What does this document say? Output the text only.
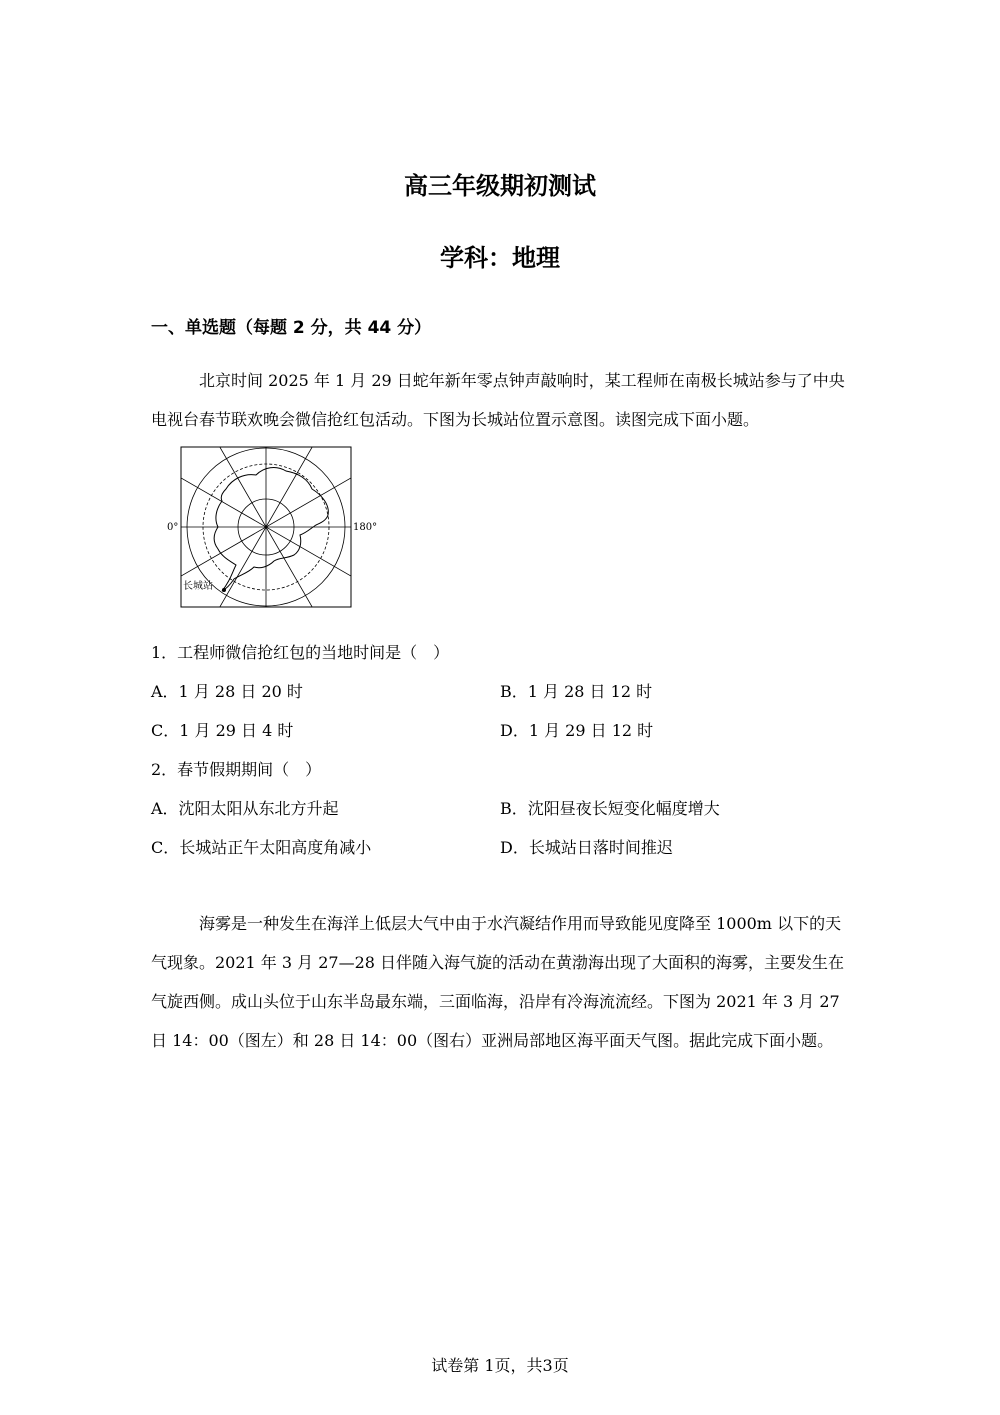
高三年级期初测试
学科：地理
一、单选题（每题 2 分，共 44 分）

北京时间 2025 年 1 月 29 日蛇年新年零点钟声敲响时，某工程师在南极长城站参与了中央电视台春节联欢晚会微信抢红包活动。下图为长城站位置示意图。读图完成下面小题。

0°	180°
长城站
1．工程师微信抢红包的当地时间是（　）
A．1 月 28 日 20 时	B．1 月 28 日 12 时
C．1 月 29 日 4 时	D．1 月 29 日 12 时
2．春节假期期间（　）
A．沈阳太阳从东北方升起	B．沈阳昼夜长短变化幅度增大
C．长城站正午太阳高度角减小	D．长城站日落时间推迟

海雾是一种发生在海洋上低层大气中由于水汽凝结作用而导致能见度降至 1000m 以下的天气现象。2021 年 3 月 27—28 日伴随入海气旋的活动在黄渤海出现了大面积的海雾，主要发生在气旋西侧。成山头位于山东半岛最东端，三面临海，沿岸有冷海流流经。下图为 2021 年 3 月 27 日 14：00（图左）和 28 日 14：00（图右）亚洲局部地区海平面天气图。据此完成下面小题。

试卷第 1页，共3页
